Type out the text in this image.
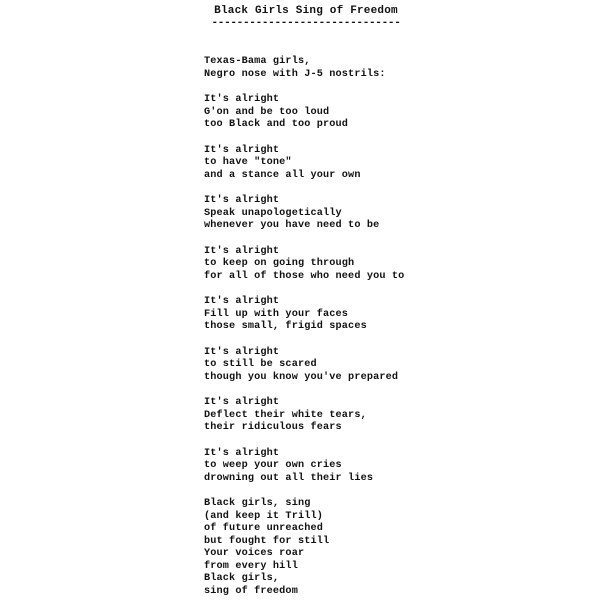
Black Girls Sing of Freedom
------------------------------
Texas-Bama girls,
Negro nose with J-5 nostrils:
It's alright
G'on and be too loud
too Black and too proud
It's alright
to have "tone"
and a stance all your own
It's alright
Speak unapologetically
whenever you have need to be
It's alright
to keep on going through
for all of those who need you to
It's alright
Fill up with your faces
those small, frigid spaces
It's alright
to still be scared
though you know you've prepared
It's alright
Deflect their white tears,
their ridiculous fears
It's alright
to weep your own cries
drowning out all their lies
Black girls, sing
(and keep it Trill)
of future unreached
but fought for still
Your voices roar
from every hill
Black girls,
sing of freedom
